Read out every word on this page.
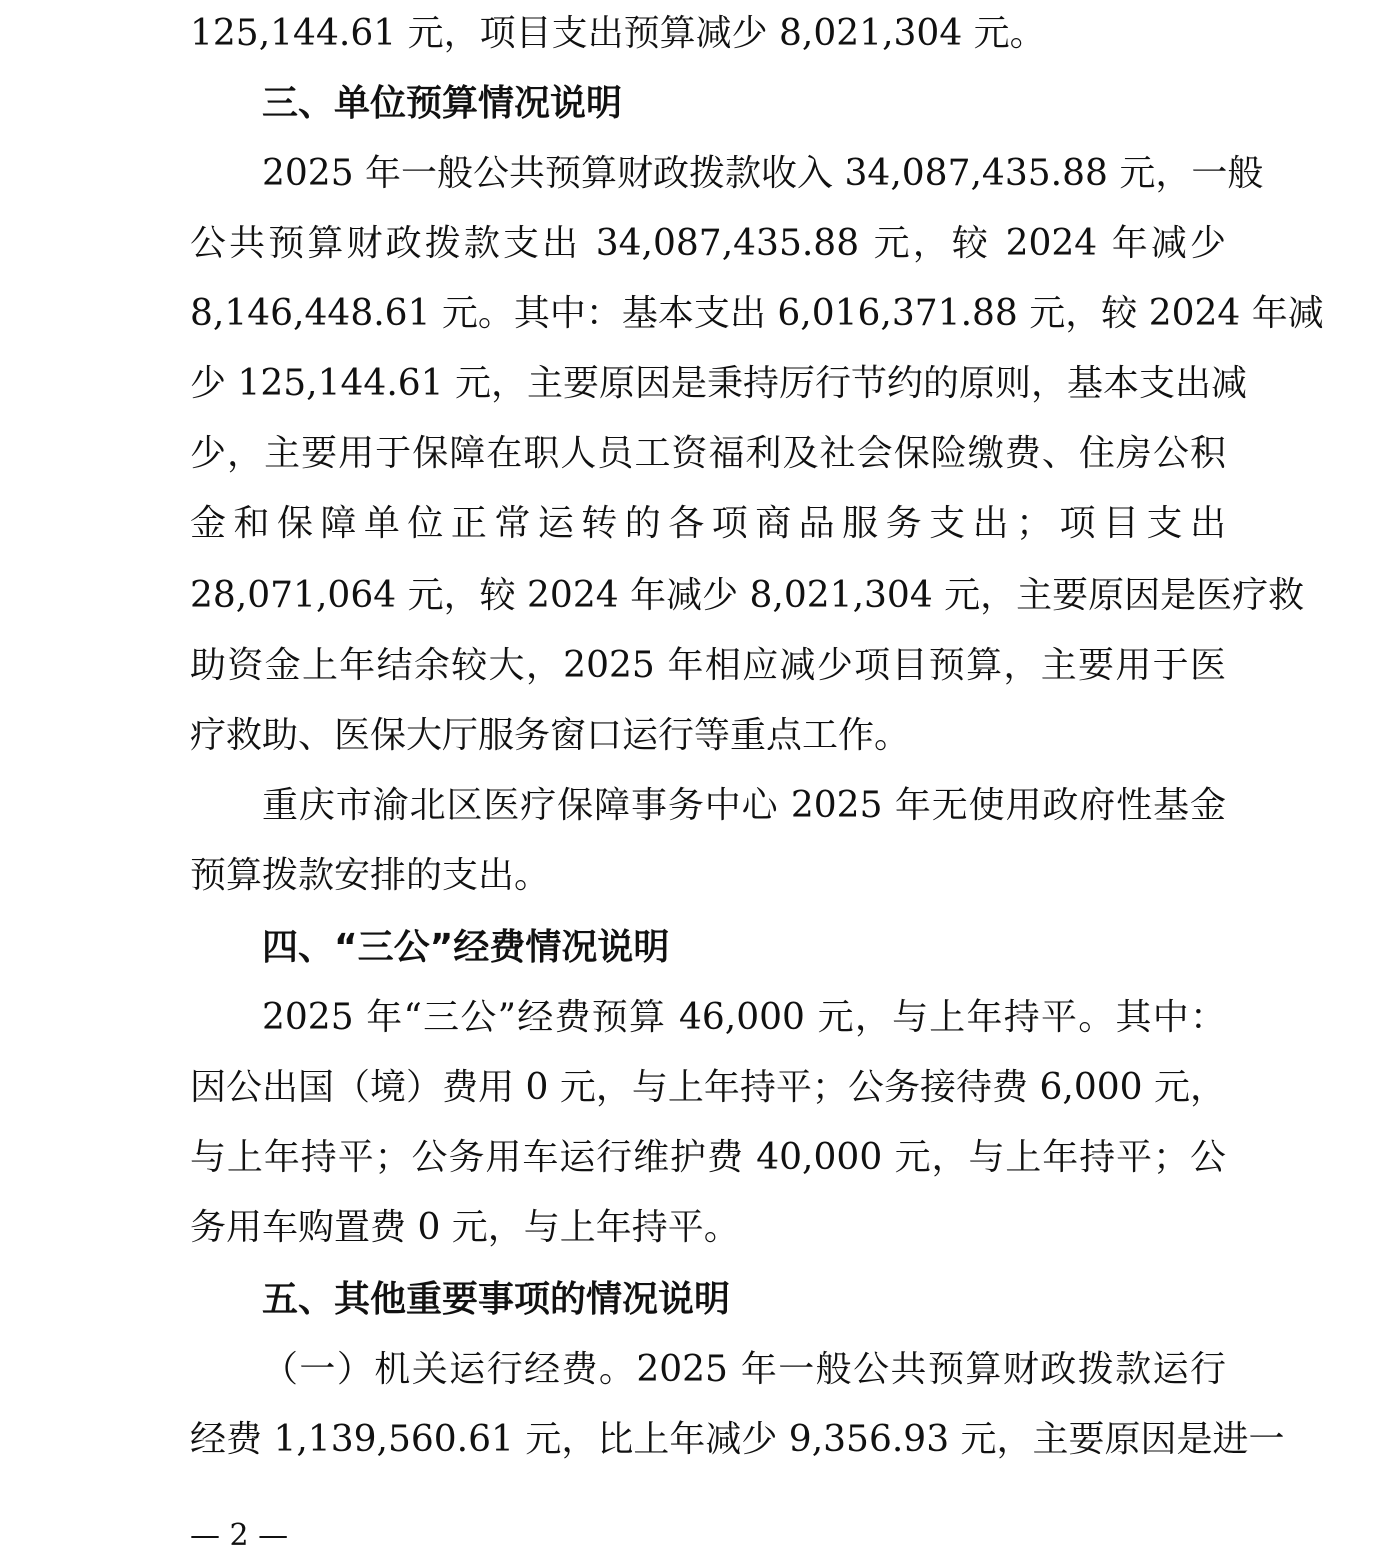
125,144.61 元，项目支出预算减少 8,021,304 元。
三、单位预算情况说明
2025 年一般公共预算财政拨款收入 34,087,435.88 元，一般
公共预算财政拨款支出 34,087,435.88 元，较 2024 年减少
8,146,448.61 元。其中：基本支出 6,016,371.88 元，较 2024 年减
少 125,144.61 元，主要原因是秉持厉行节约的原则，基本支出减
少，主要用于保障在职人员工资福利及社会保险缴费、住房公积
金和保障单位正常运转的各项商品服务支出；项目支出
28,071,064 元，较 2024 年减少 8,021,304 元，主要原因是医疗救
助资金上年结余较大，2025 年相应减少项目预算，主要用于医
疗救助、医保大厅服务窗口运行等重点工作。
重庆市渝北区医疗保障事务中心 2025 年无使用政府性基金
预算拨款安排的支出。
四、“三公”经费情况说明
2025 年“三公”经费预算 46,000 元，与上年持平。其中：
因公出国（境）费用 0 元，与上年持平；公务接待费 6,000 元，
与上年持平；公务用车运行维护费 40,000 元，与上年持平；公
务用车购置费 0 元，与上年持平。
五、其他重要事项的情况说明
（一）机关运行经费。2025 年一般公共预算财政拨款运行
经费 1,139,560.61 元，比上年减少 9,356.93 元，主要原因是进一
— 2 —
